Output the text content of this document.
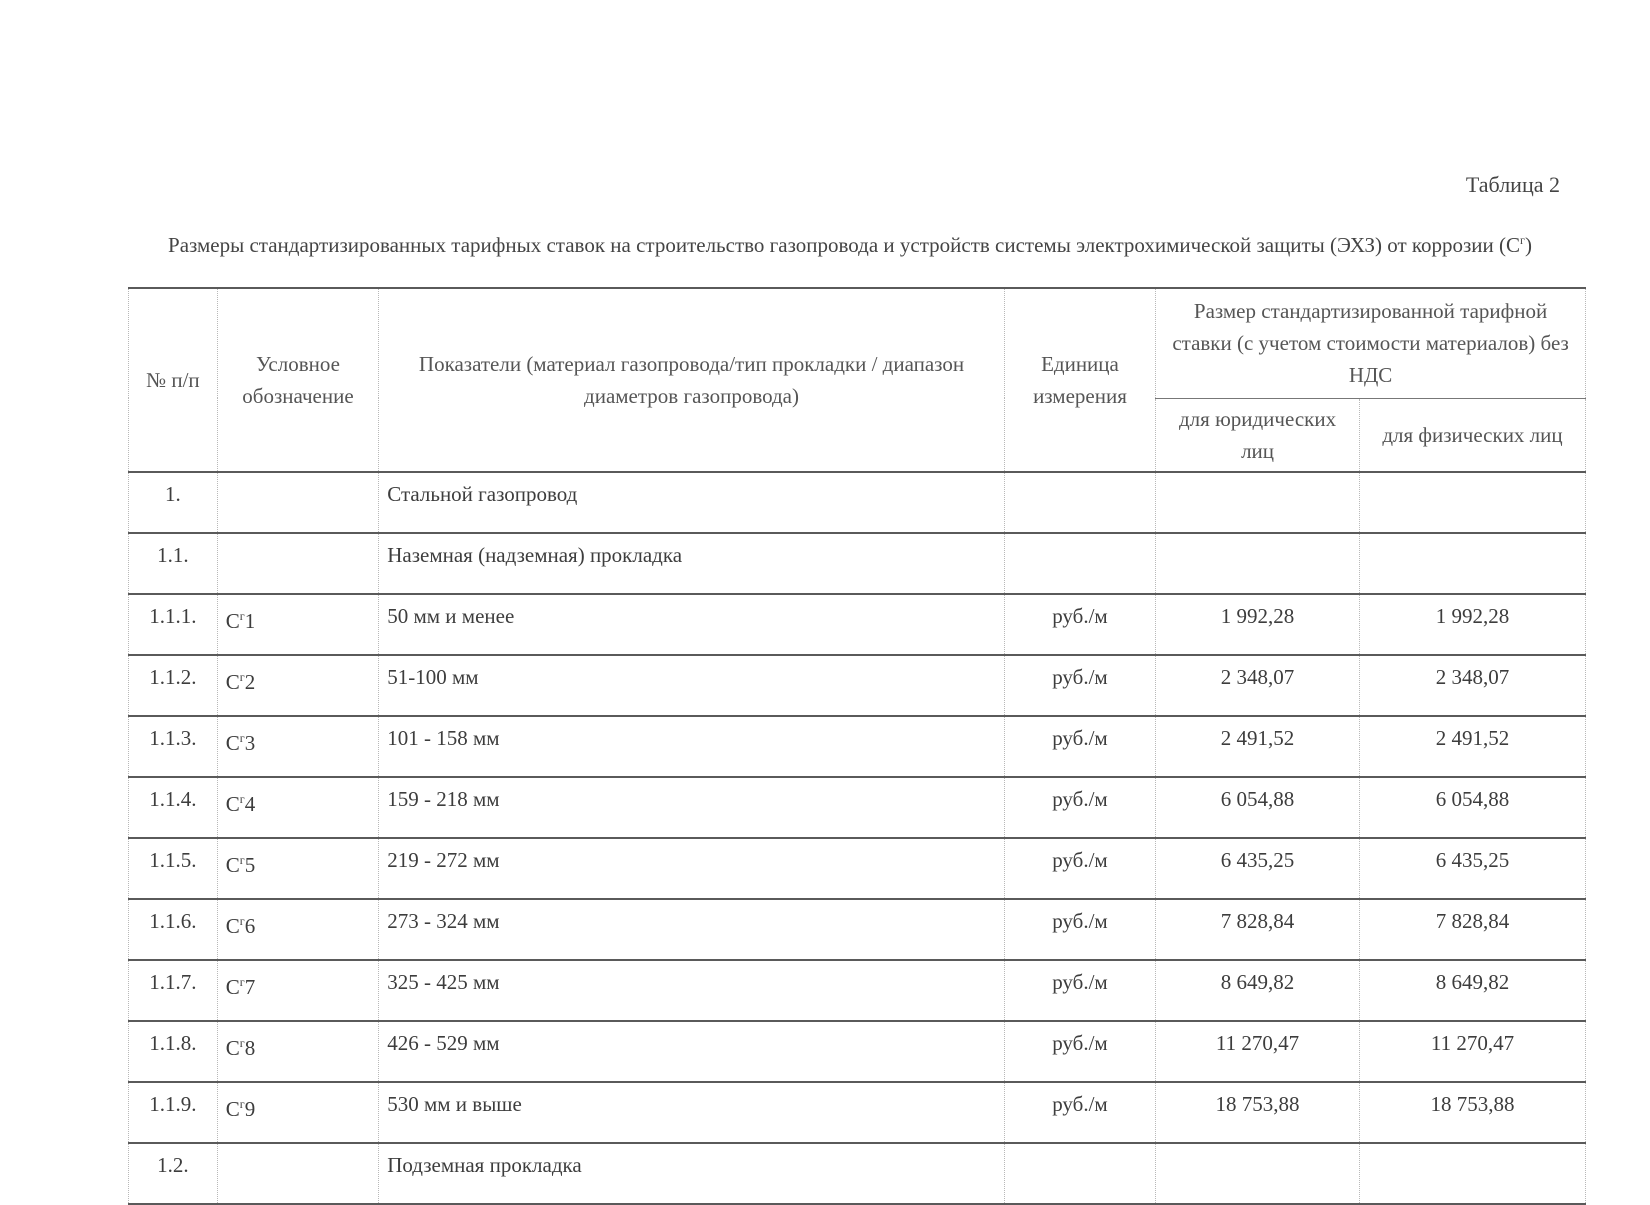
Таблица 2
Размеры стандартизированных тарифных ставок на строительство газопровода и устройств системы электрохимической защиты (ЭХЗ) от коррозии $(С^г)$
№ п/п	Условное обозначение	Показатели (материал газопровода/тип прокладки / диапазон диаметров газопровода)	Единица измерения	Размер стандартизированной тарифной ставки (с учетом стоимости материалов) без НДС	
				для юридических лиц	для физических лиц
1.		Стальной газопровод			
1.1.		Наземная (надземная) прокладка			
1.1.1.	$С^г1$	50 мм и менее	руб./м	1 992,28	1 992,28
1.1.2.	$С^г2$	51-100 мм	руб./м	2 348,07	2 348,07
1.1.3.	$С^г3$	101 - 158 мм	руб./м	2 491,52	2 491,52
1.1.4.	$С^г4$	159 - 218 мм	руб./м	6 054,88	6 054,88
1.1.5.	$С^г5$	219 - 272 мм	руб./м	6 435,25	6 435,25
1.1.6.	$С^г6$	273 - 324 мм	руб./м	7 828,84	7 828,84
1.1.7.	$С^г7$	325 - 425 мм	руб./м	8 649,82	8 649,82
1.1.8.	$С^г8$	426 - 529 мм	руб./м	11 270,47	11 270,47
1.1.9.	$С^г9$	530 мм и выше	руб./м	18 753,88	18 753,88
1.2.		Подземная прокладка			
